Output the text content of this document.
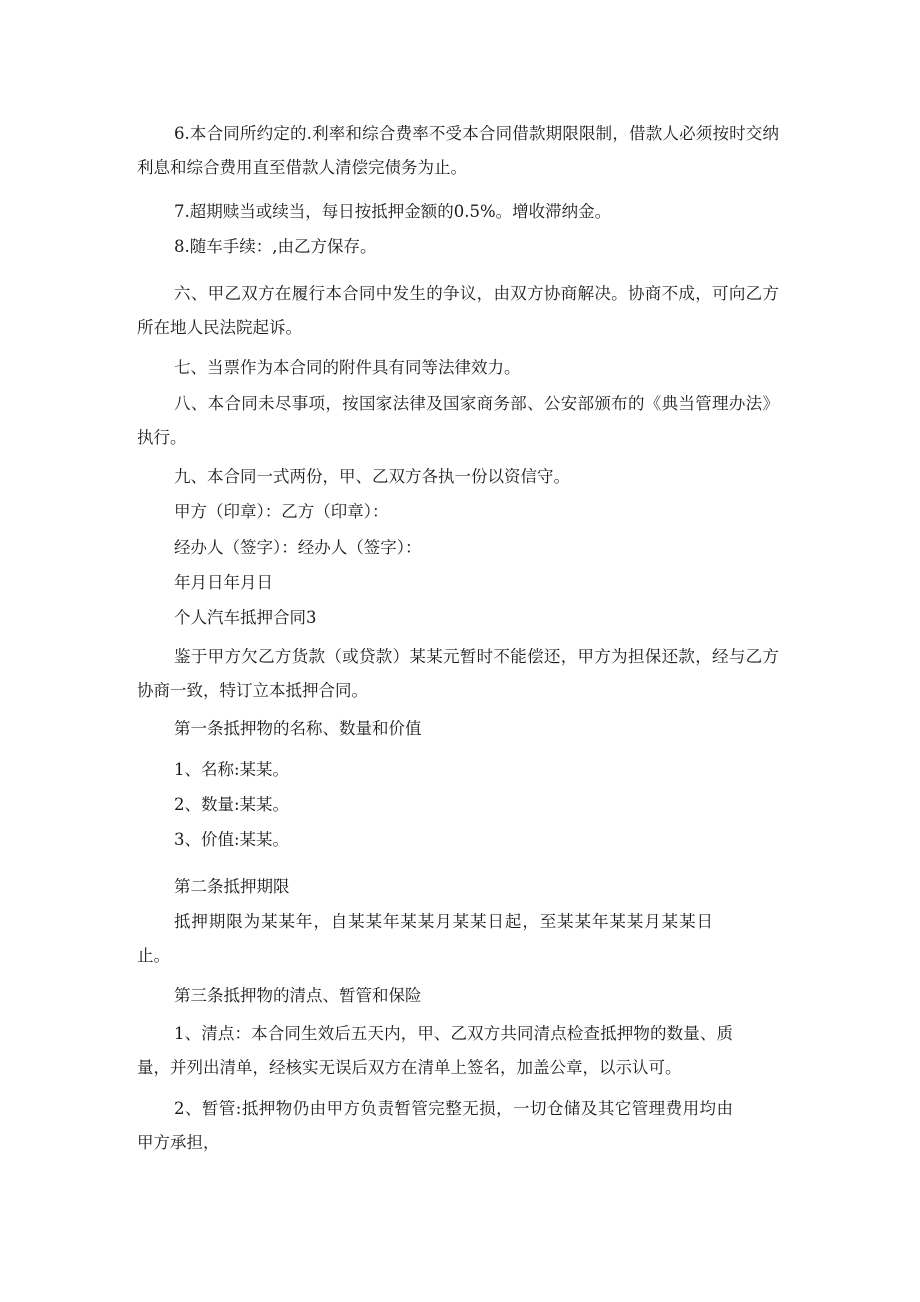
6.本合同所约定的.利率和综合费率不受本合同借款期限限制，借款人必须按时交纳利息和综合费用直至借款人清偿完债务为止。

7.超期赎当或续当，每日按抵押金额的0.5%。增收滞纳金。

8.随车手续：,由乙方保存。

六、甲乙双方在履行本合同中发生的争议，由双方协商解决。协商不成，可向乙方所在地人民法院起诉。

七、当票作为本合同的附件具有同等法律效力。

八、本合同未尽事项，按国家法律及国家商务部、公安部颁布的《典当管理办法》执行。

九、本合同一式两份，甲、乙双方各执一份以资信守。

甲方（印章）：乙方（印章）：

经办人（签字）：经办人（签字）：

年月日年月日

个人汽车抵押合同3

鉴于甲方欠乙方货款（或贷款）某某元暂时不能偿还，甲方为担保还款，经与乙方协商一致，特订立本抵押合同。

第一条抵押物的名称、数量和价值

1、名称:某某。

2、数量:某某。

3、价值:某某。

第二条抵押期限

抵押期限为某某年，自某某年某某月某某日起，至某某年某某月某某日止。

第三条抵押物的清点、暂管和保险

1、清点：本合同生效后五天内，甲、乙双方共同清点检查抵押物的数量、质量，并列出清单，经核实无误后双方在清单上签名，加盖公章，以示认可。

2、暂管:抵押物仍由甲方负责暂管完整无损，一切仓储及其它管理费用均由甲方承担，
